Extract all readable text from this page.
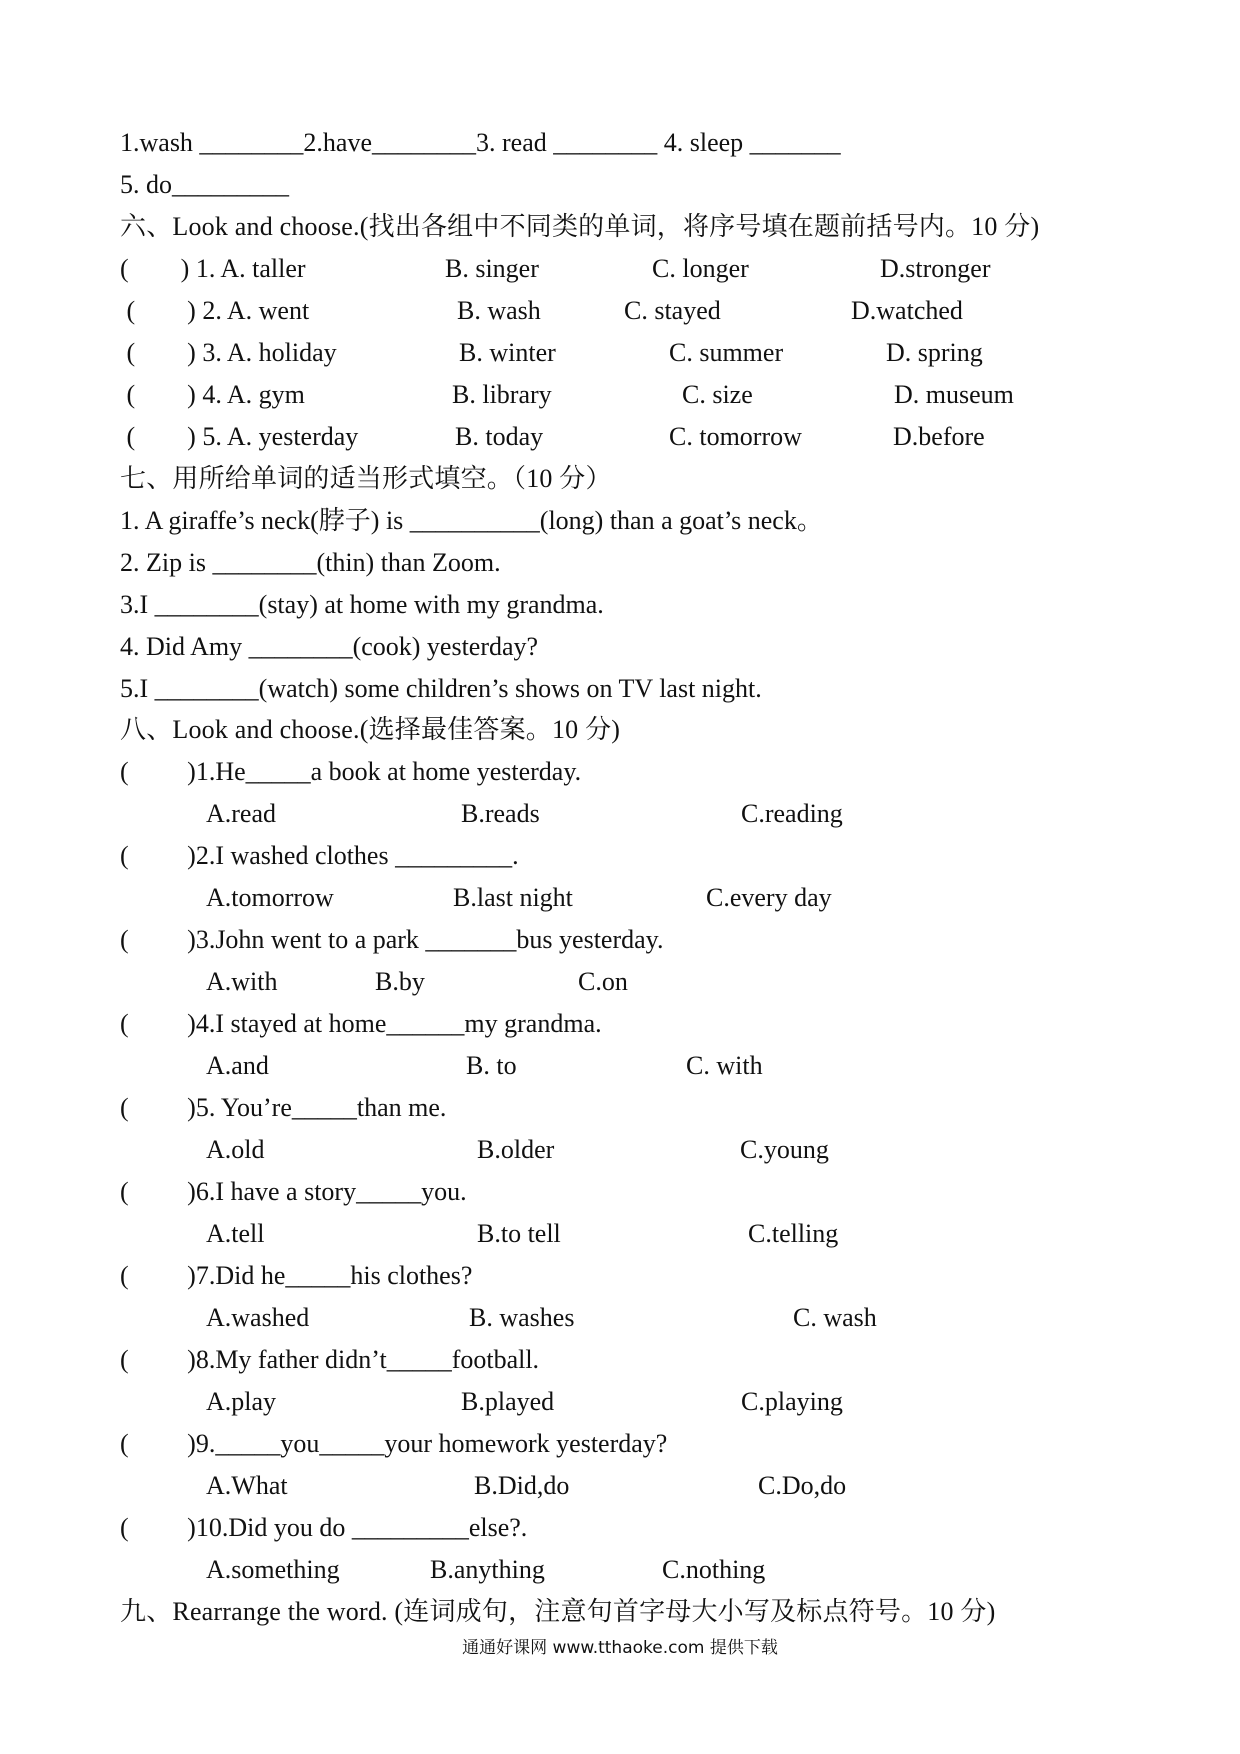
1.wash ________2.have________3. read ________ 4. sleep _______
5. do_________
六、Look and choose.(找出各组中不同类的单词，将序号填在题前括号内。10 分)
(        ) 1. A. taller	B. singer	C. longer	D.stronger
(        ) 2. A. went	B. wash	C. stayed	D.watched
(        ) 3. A. holiday	B. winter	C. summer	D. spring
(        ) 4. A. gym	B. library	C. size	D. museum
(        ) 5. A. yesterday	B. today	C. tomorrow	D.before
七、用所给单词的适当形式填空。（10 分）
1. A giraffe’s neck(脖子) is __________(long) than a goat’s neck。
2. Zip is ________(thin) than Zoom.
3.I ________(stay) at home with my grandma.
4. Did Amy ________(cook) yesterday?
5.I ________(watch) some children’s shows on TV last night.
八、Look and choose.(选择最佳答案。10 分)
(         )1.He_____a book at home yesterday.
A.read	B.reads	C.reading
(         )2.I washed clothes _________.
A.tomorrow	B.last night	C.every day
(         )3.John went to a park _______bus yesterday.
A.with	B.by	C.on
(         )4.I stayed at home______my grandma.
A.and	B. to	C. with
(         )5. You’re_____than me.
A.old	B.older	C.young
(         )6.I have a story_____you.
A.tell	B.to tell	C.telling
(         )7.Did he_____his clothes?
A.washed	B. washes	C. wash
(         )8.My father didn’t_____football.
A.play	B.played	C.playing
(         )9._____you_____your homework yesterday?
A.What	B.Did,do	C.Do,do
(         )10.Did you do _________else?.
A.something	B.anything	C.nothing
九、Rearrange the word. (连词成句，注意句首字母大小写及标点符号。10 分)
通通好课网 www.tthaoke.com 提供下载
